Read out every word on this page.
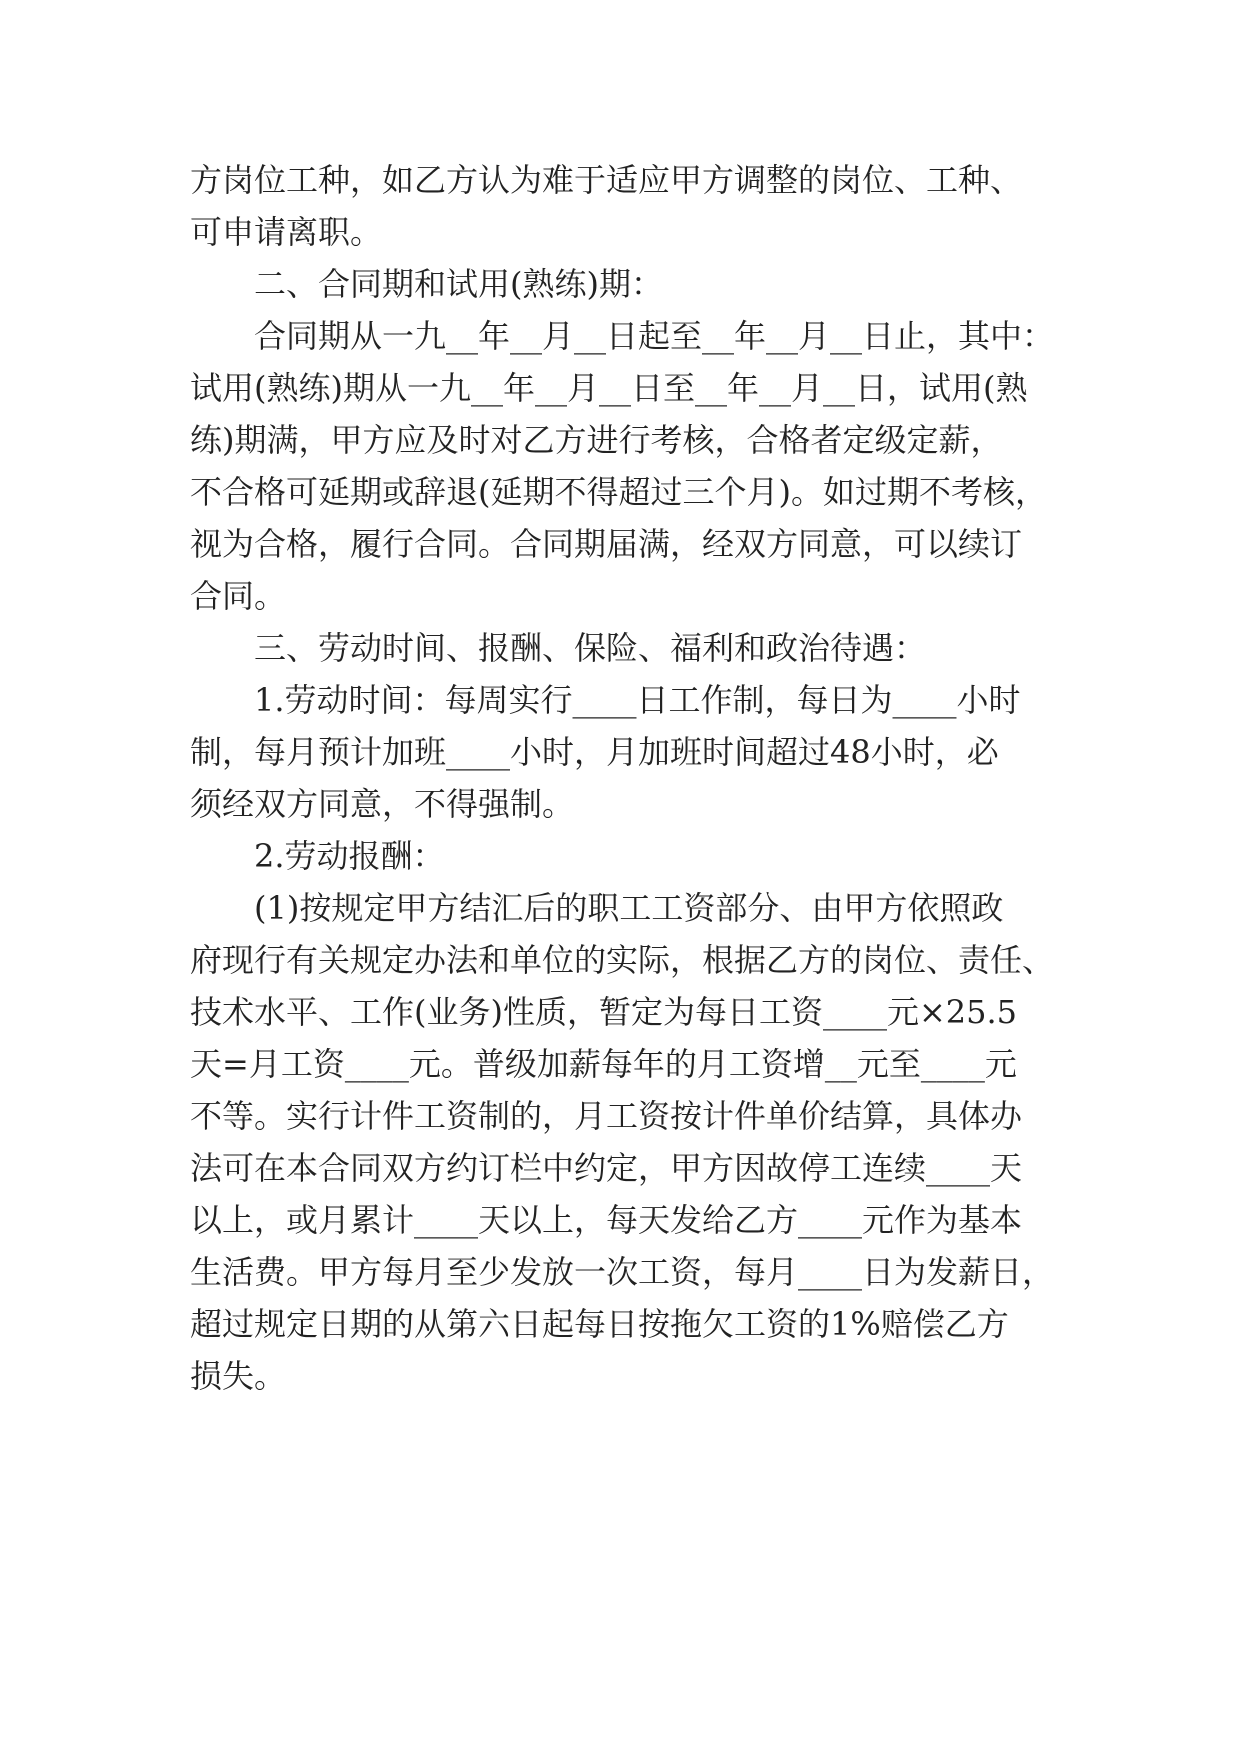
方岗位工种，如乙方认为难于适应甲方调整的岗位、工种、
可申请离职。
二、合同期和试用(熟练)期：
合同期从一九__年__月__日起至__年__月__日止，其中：
试用(熟练)期从一九__年__月__日至__年__月__日，试用(熟
练)期满，甲方应及时对乙方进行考核，合格者定级定薪，
不合格可延期或辞退(延期不得超过三个月)。如过期不考核，
视为合格，履行合同。合同期届满，经双方同意，可以续订
合同。
三、劳动时间、报酬、保险、福利和政治待遇：
1.劳动时间：每周实行____日工作制，每日为____小时
制，每月预计加班____小时，月加班时间超过48小时，必
须经双方同意，不得强制。
2.劳动报酬：
(1)按规定甲方结汇后的职工工资部分、由甲方依照政
府现行有关规定办法和单位的实际，根据乙方的岗位、责任、
技术水平、工作(业务)性质，暂定为每日工资____元×25.5
天=月工资____元。普级加薪每年的月工资增__元至____元
不等。实行计件工资制的，月工资按计件单价结算，具体办
法可在本合同双方约订栏中约定，甲方因故停工连续____天
以上，或月累计____天以上，每天发给乙方____元作为基本
生活费。甲方每月至少发放一次工资，每月____日为发薪日，
超过规定日期的从第六日起每日按拖欠工资的1%赔偿乙方
损失。
